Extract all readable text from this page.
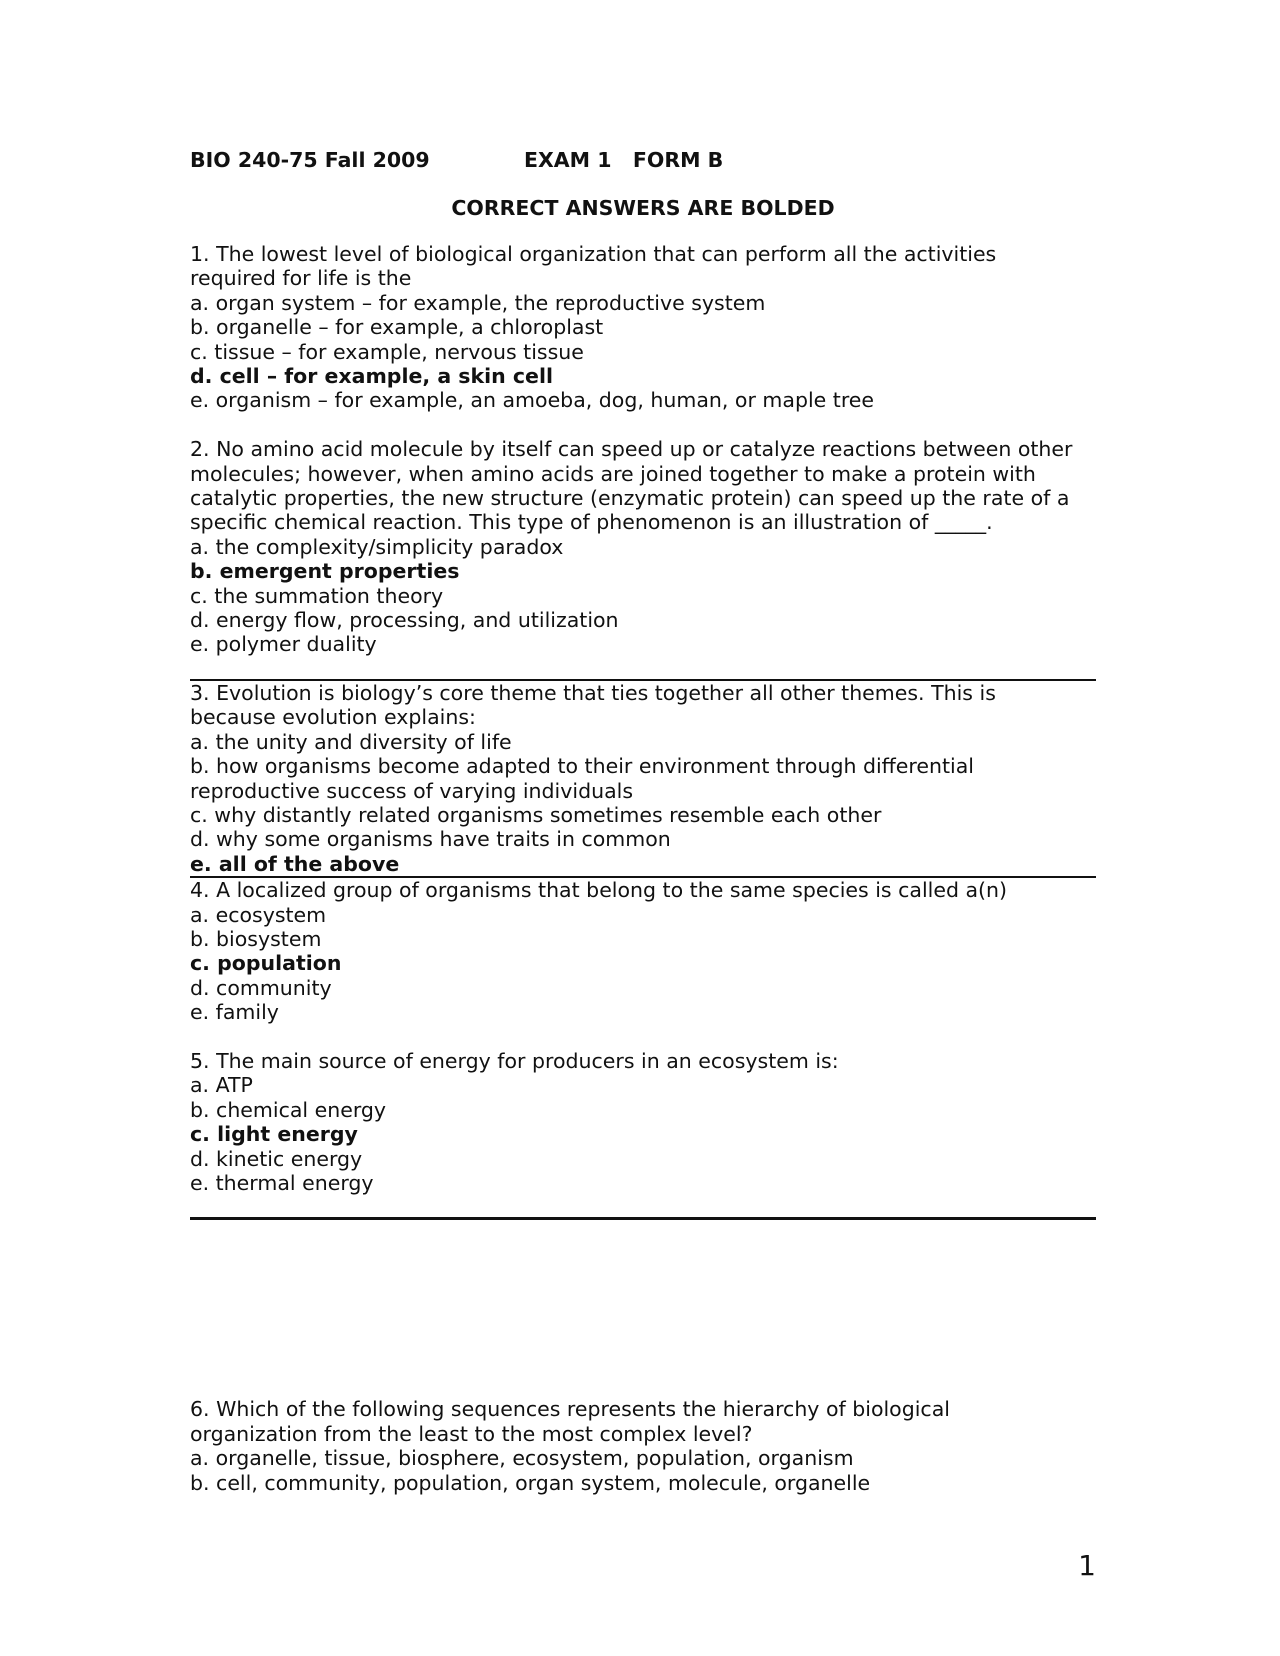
BIO 240-75 Fall 2009	EXAM 1   FORM B
CORRECT ANSWERS ARE BOLDED
1. The lowest level of biological organization that can perform all the activities
required for life is the
a. organ system – for example, the reproductive system
b. organelle – for example, a chloroplast
c. tissue – for example, nervous tissue
d. cell – for example, a skin cell
e. organism – for example, an amoeba, dog, human, or maple tree
2. No amino acid molecule by itself can speed up or catalyze reactions between other
molecules; however, when amino acids are joined together to make a protein with
catalytic properties, the new structure (enzymatic protein) can speed up the rate of a
specific chemical reaction. This type of phenomenon is an illustration of _____.
a. the complexity/simplicity paradox
b. emergent properties
c. the summation theory
d. energy flow, processing, and utilization
e. polymer duality
3. Evolution is biology’s core theme that ties together all other themes. This is
because evolution explains:
a. the unity and diversity of life
b. how organisms become adapted to their environment through differential
reproductive success of varying individuals
c. why distantly related organisms sometimes resemble each other
d. why some organisms have traits in common
e. all of the above
4. A localized group of organisms that belong to the same species is called a(n)
a. ecosystem
b. biosystem
c. population
d. community
e. family
5. The main source of energy for producers in an ecosystem is:
a. ATP
b. chemical energy
c. light energy
d. kinetic energy
e. thermal energy
6. Which of the following sequences represents the hierarchy of biological
organization from the least to the most complex level?
a. organelle, tissue, biosphere, ecosystem, population, organism
b. cell, community, population, organ system, molecule, organelle
1
